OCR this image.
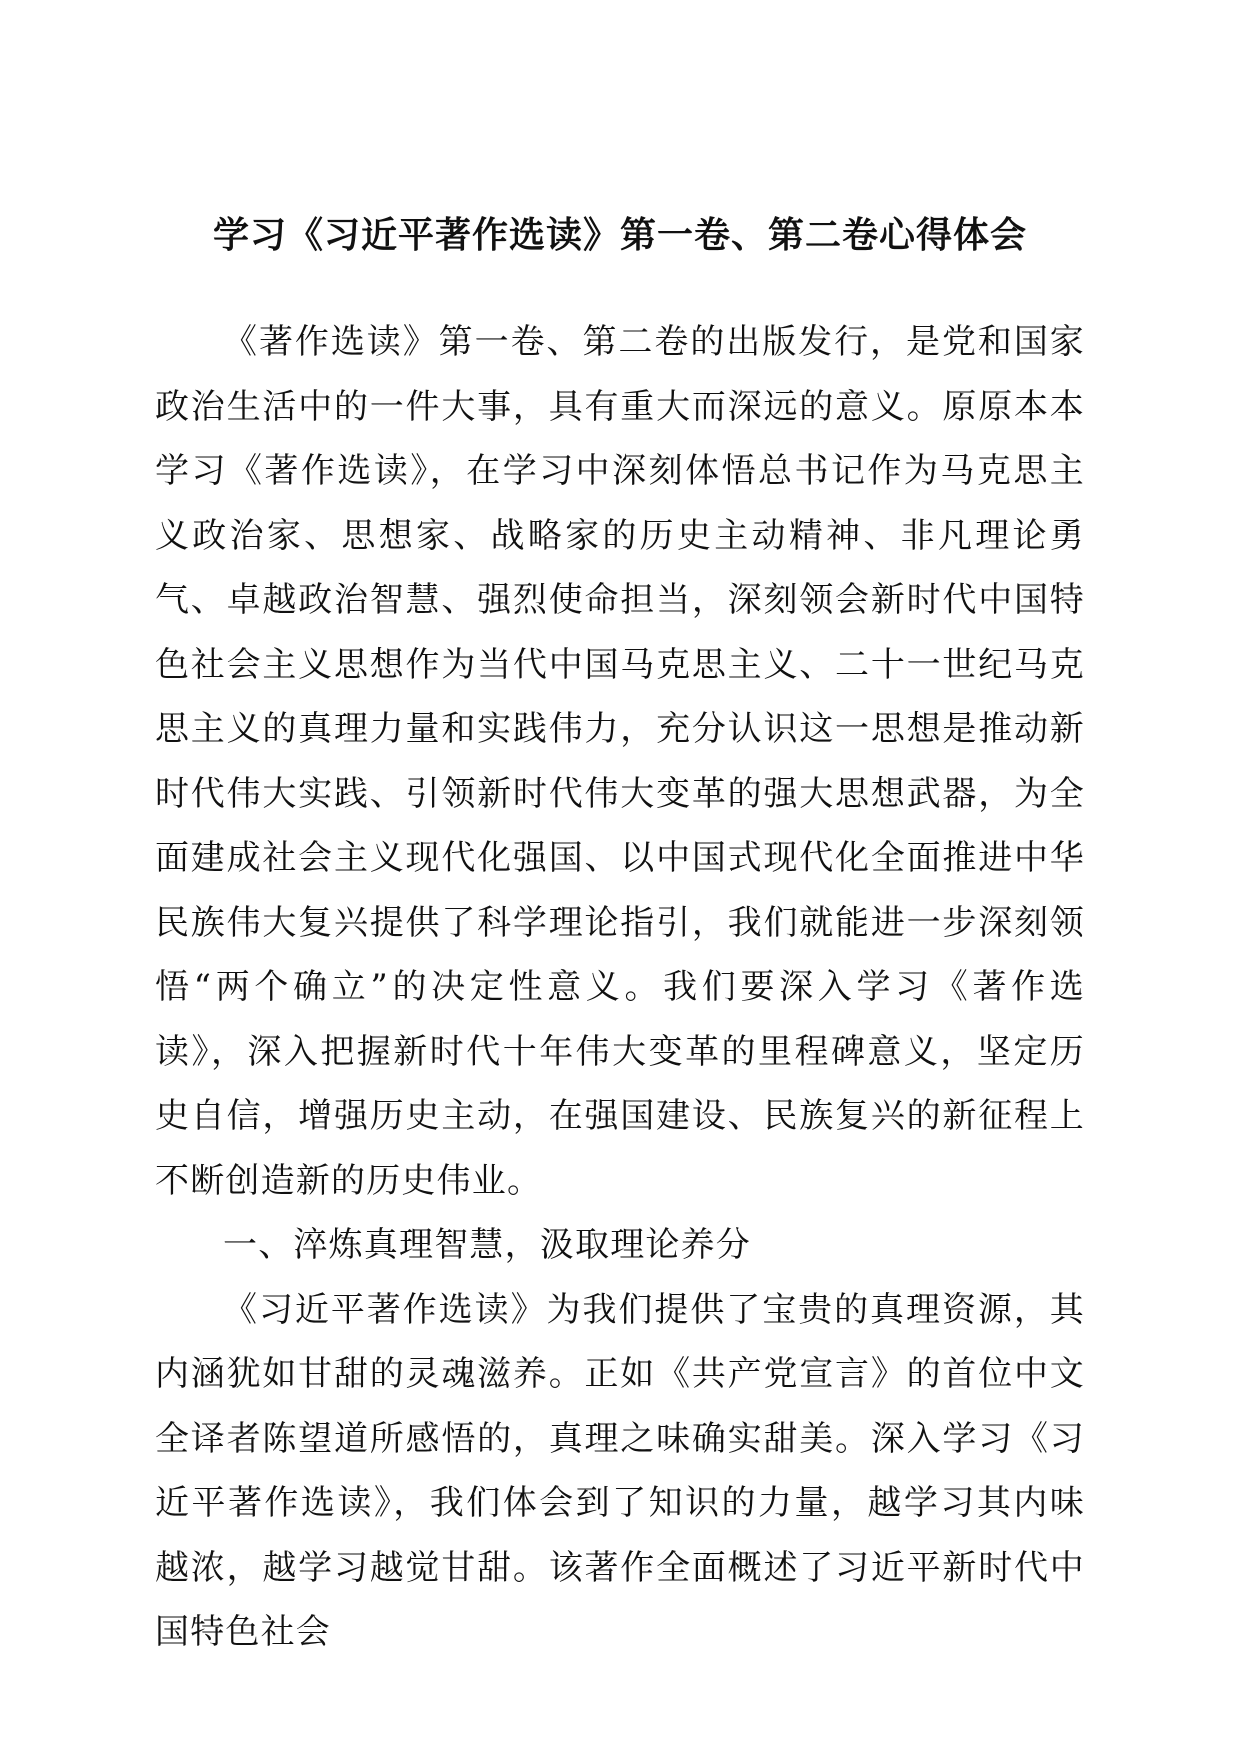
学习《习近平著作选读》第一卷、第二卷心得体会

《著作选读》第一卷、第二卷的出版发行，是党和国家政治生活中的一件大事，具有重大而深远的意义。原原本本学习《著作选读》，在学习中深刻体悟总书记作为马克思主义政治家、思想家、战略家的历史主动精神、非凡理论勇气、卓越政治智慧、强烈使命担当，深刻领会新时代中国特色社会主义思想作为当代中国马克思主义、二十一世纪马克思主义的真理力量和实践伟力，充分认识这一思想是推动新时代伟大实践、引领新时代伟大变革的强大思想武器，为全面建成社会主义现代化强国、以中国式现代化全面推进中华民族伟大复兴提供了科学理论指引，我们就能进一步深刻领悟“两个确立”的决定性意义。我们要深入学习《著作选读》，深入把握新时代十年伟大变革的里程碑意义，坚定历史自信，增强历史主动，在强国建设、民族复兴的新征程上不断创造新的历史伟业。

一、淬炼真理智慧，汲取理论养分

《习近平著作选读》为我们提供了宝贵的真理资源，其内涵犹如甘甜的灵魂滋养。正如《共产党宣言》的首位中文全译者陈望道所感悟的，真理之味确实甜美。深入学习《习近平著作选读》，我们体会到了知识的力量，越学习其内味越浓，越学习越觉甘甜。该著作全面概述了习近平新时代中国特色社会
